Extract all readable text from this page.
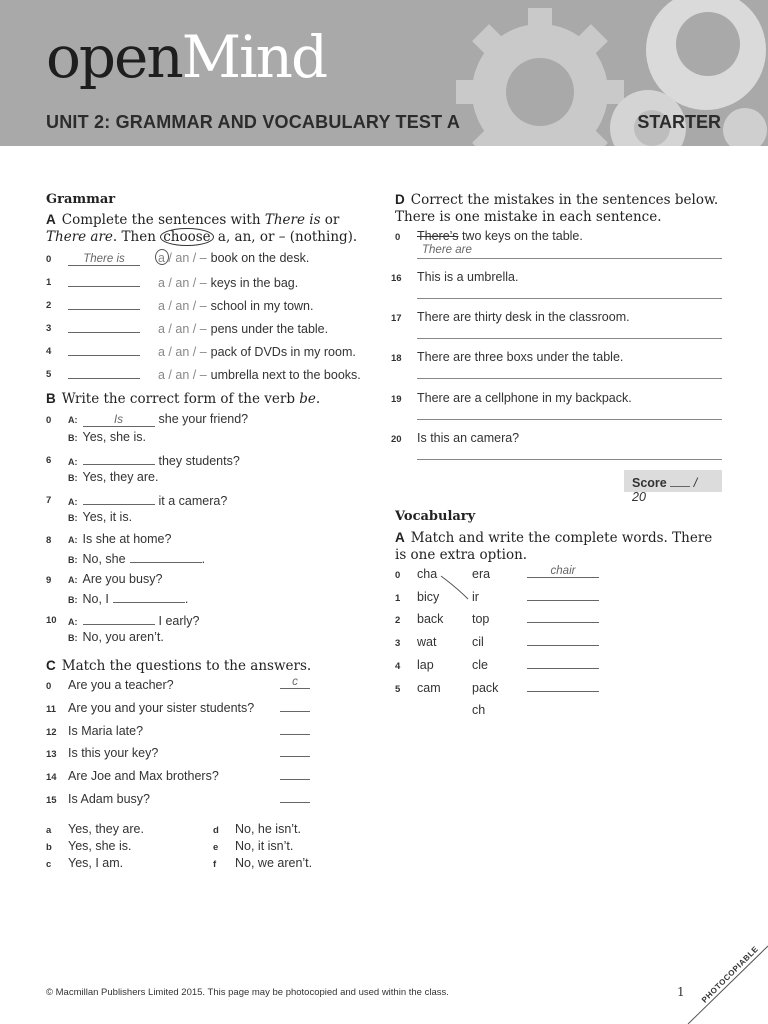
openMind
UNIT 2: GRAMMAR AND VOCABULARY TEST A	STARTER
Grammar
A Complete the sentences with There is or
There are. Then choose a, an, or – (nothing).
0	There is	a / an / – book on the desk.
1	a / an / – keys in the bag.
2	a / an / – school in my town.
3	a / an / – pens under the table.
4	a / an / – pack of DVDs in my room.
5	a / an / – umbrella next to the books.
B Write the correct form of the verb be.
0 A:	Is	she your friend?
B: Yes, she is.
6 A:	they students?
B: Yes, they are.
7 A:	it a camera?
B: Yes, it is.
8 A: Is she at home?
B: No, she	.
9 A: Are you busy?
B: No, I	.
10 A:	I early?
B: No, you aren’t.
C Match the questions to the answers.
0 Are you a teacher?	c
11 Are you and your sister students?
12 Is Maria late?
13 Is this your key?
14 Are Joe and Max brothers?
15 Is Adam busy?
a Yes, they are.
b Yes, she is.
c Yes, I am.
d No, he isn’t.
e No, it isn’t.
f No, we aren’t.
D Correct the mistakes in the sentences below. There is one mistake in each sentence.
0 There’s two keys on the table.
There are
16 This is a umbrella.
17 There are thirty desk in the classroom.
18 There are three boxs under the table.
19 There are a cellphone in my backpack.
20 Is this an camera?
Score / 20
Vocabulary
A Match and write the complete words. There is one extra option.
0 cha	era	chair
1 bicy	ir
2 back top
3 wat	cil
4 lap	cle
5 cam	pack
ch
© Macmillan Publishers Limited 2015. This page may be photocopied and used within the class.	1 PHOTOCOPIABLE
